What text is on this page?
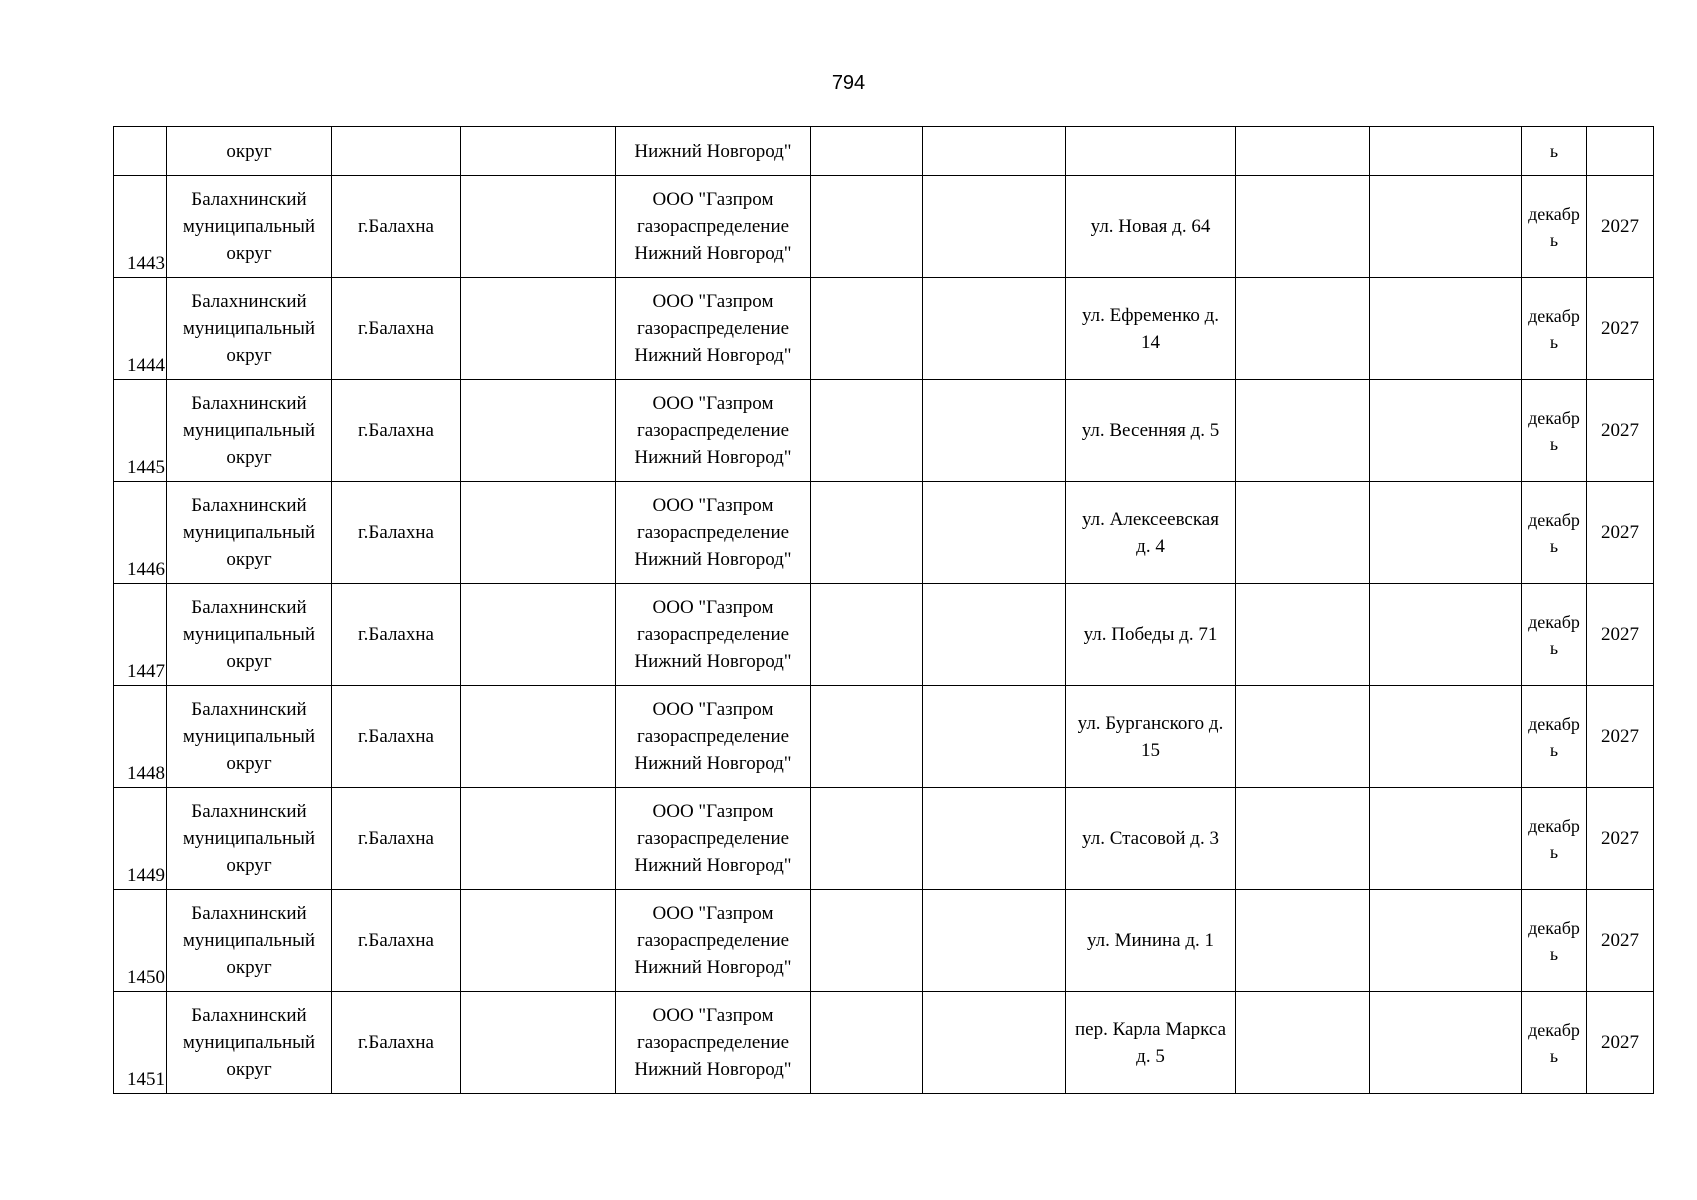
794
	округ			Нижний Новгород"						ь	
1443	Балахнинский
муниципальный
округ	г.Балахна		ООО "Газпром
газораспределение
Нижний Новгород"			ул. Новая д. 64			декабр
ь	2027
1444	Балахнинский
муниципальный
округ	г.Балахна		ООО "Газпром
газораспределение
Нижний Новгород"			ул. Ефременко д.
14			декабр
ь	2027
1445	Балахнинский
муниципальный
округ	г.Балахна		ООО "Газпром
газораспределение
Нижний Новгород"			ул. Весенняя д. 5			декабр
ь	2027
1446	Балахнинский
муниципальный
округ	г.Балахна		ООО "Газпром
газораспределение
Нижний Новгород"			ул. Алексеевская
д. 4			декабр
ь	2027
1447	Балахнинский
муниципальный
округ	г.Балахна		ООО "Газпром
газораспределение
Нижний Новгород"			ул. Победы д. 71			декабр
ь	2027
1448	Балахнинский
муниципальный
округ	г.Балахна		ООО "Газпром
газораспределение
Нижний Новгород"			ул. Бурганского д.
15			декабр
ь	2027
1449	Балахнинский
муниципальный
округ	г.Балахна		ООО "Газпром
газораспределение
Нижний Новгород"			ул. Стасовой д. 3			декабр
ь	2027
1450	Балахнинский
муниципальный
округ	г.Балахна		ООО "Газпром
газораспределение
Нижний Новгород"			ул. Минина д. 1			декабр
ь	2027
1451	Балахнинский
муниципальный
округ	г.Балахна		ООО "Газпром
газораспределение
Нижний Новгород"			пер. Карла Маркса
д. 5			декабр
ь	2027
